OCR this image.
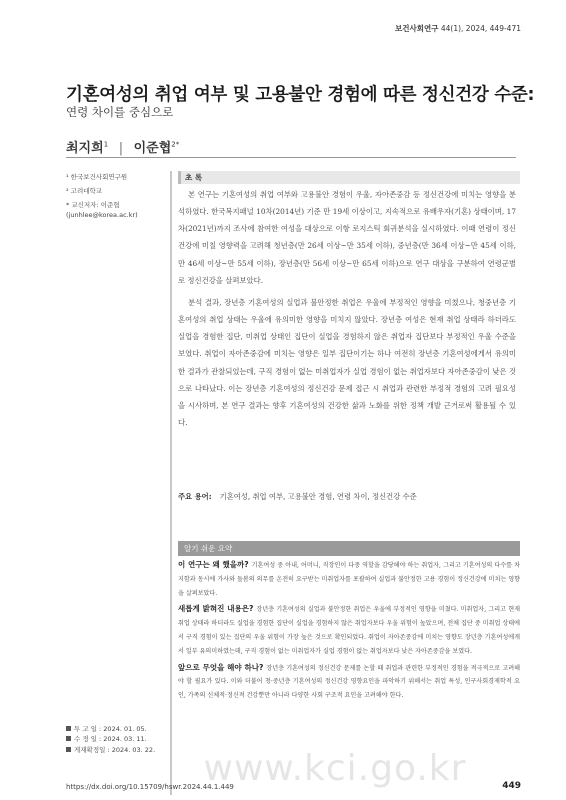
보건사회연구 44(1), 2024, 449-471
기혼여성의 취업 여부 및 고용불안 경험에 따른 정신건강 수준:
연령 차이를 중심으로
최지희$^1$ | 이준협$^{2*}$
¹ 한국보건사회연구원
² 고려대학교
* 교신저자: 이준협
(junhlee@korea.ac.kr)
투 고 일 : 2024. 01. 05.
수 정 일 : 2024. 03. 11.
게재확정일 : 2024. 03. 22.
초 록

본 연구는 기혼여성의 취업 여부와 고용불안 경험이 우울, 자아존중감 등 정신건강에 미치는 영향을 분석하였다. 한국복지패널 10차(2014년) 기준 만 19세 이상이고, 지속적으로 유배우자(기혼) 상태이며, 17차(2021년)까지 조사에 참여한 여성을 대상으로 이항 로지스틱 회귀분석을 실시하였다. 이때 연령이 정신건강에 미칠 영향력을 고려해 청년층(만 26세 이상~만 35세 이하), 중년층(만 36세 이상~만 45세 이하, 만 46세 이상~만 55세 이하), 장년층(만 56세 이상~만 65세 이하)으로 연구 대상을 구분하여 연령군별로 정신건강을 살펴보았다.

분석 결과, 장년층 기혼여성의 실업과 불안정한 취업은 우울에 부정적인 영향을 미쳤으나, 청중년층 기혼여성의 취업 상태는 우울에 유의미한 영향을 미치지 않았다. 장년층 여성은 현재 취업 상태라 하더라도 실업을 경험한 집단, 미취업 상태인 집단이 실업을 경험하지 않은 취업자 집단보다 부정적인 우울 수준을 보였다. 취업이 자아존중감에 미치는 영향은 일부 집단이기는 하나 여전히 장년층 기혼여성에게서 유의미한 결과가 관찰되었는데, 구직 경험이 없는 미취업자가 실업 경험이 없는 취업자보다 자아존중감이 낮은 것으로 나타났다. 이는 장년층 기혼여성의 정신건강 문제 접근 시 취업과 관련한 부정적 경험의 고려 필요성을 시사하며, 본 연구 결과는 향후 기혼여성의 건강한 삶과 노화를 위한 정책 개발 근거로써 활용될 수 있다.

주요 용어: 기혼여성, 취업 여부, 고용불안 경험, 연령 차이, 정신건강 수준
알기 쉬운 요약

이 연구는 왜 했을까? 기혼여성 중 아내, 어머니, 직장인이 다중 역할을 감당해야 하는 취업자, 그리고 기혼여성의 다수를 차지함과 동시에 가사와 돌봄의 의무를 온전히 요구받는 미취업자를 포괄하여 실업과 불안정한 고용 경험이 정신건강에 미치는 영향을 살펴보았다.

새롭게 밝혀진 내용은? 장년층 기혼여성의 실업과 불안정한 취업은 우울에 부정적인 영향을 미쳤다. 미취업자, 그리고 현재 취업 상태라 하더라도 실업을 경험한 집단이 실업을 경험하지 않은 취업자보다 우울 위험이 높았으며, 전체 집단 중 미취업 상태에서 구직 경험이 있는 집단의 우울 위험이 가장 높은 것으로 확인되었다. 취업이 자아존중감에 미치는 영향도 장년층 기혼여성에게서 일부 유의미하였는데, 구직 경험이 없는 미취업자가 실업 경험이 없는 취업자보다 낮은 자아존중감을 보였다.

앞으로 무엇을 해야 하나? 장년층 기혼여성의 정신건강 문제를 논할 때 취업과 관련한 부정적인 경험을 적극적으로 고려해야 할 필요가 있다. 이와 더불어 청·중년층 기혼여성의 정신건강 영향요인을 파악하기 위해서는 취업 특성, 인구사회경제학적 요인, 가족의 신체적·정신적 건강뿐만 아니라 다양한 사회 구조적 요인을 고려해야 한다.

www.kci.go.kr
https://dx.doi.org/10.15709/hswr.2024.44.1.449	449
